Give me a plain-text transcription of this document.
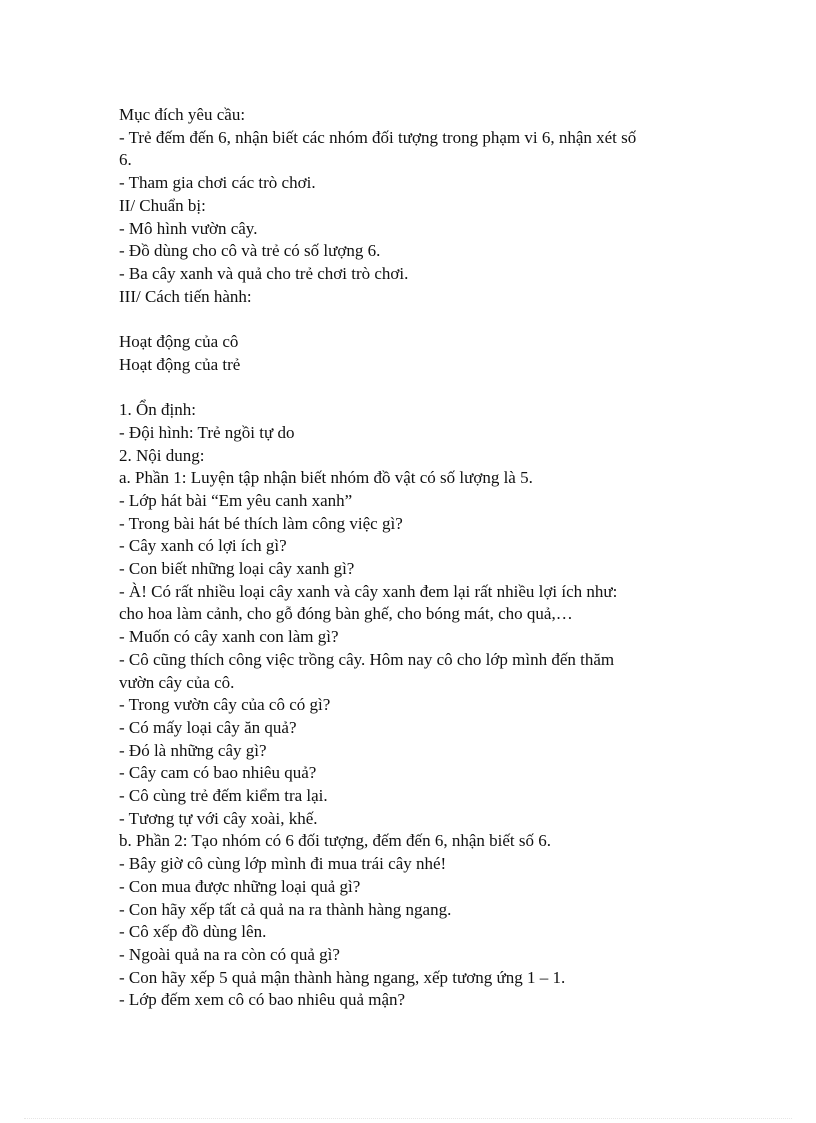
Mục đích yêu cầu:
- Trẻ đếm đến 6, nhận biết các nhóm đối tượng trong phạm vi 6, nhận xét số
6.
- Tham gia chơi các trò chơi.
II/ Chuẩn bị:
- Mô hình vườn cây.
- Đồ dùng cho cô và trẻ có số lượng 6.
- Ba cây xanh và quả cho trẻ chơi trò chơi.
III/ Cách tiến hành:
Hoạt động của cô
Hoạt động của trẻ
1. Ổn định:
- Đội hình: Trẻ ngồi tự do
2. Nội dung:
a. Phần 1: Luyện tập nhận biết nhóm đồ vật có số lượng là 5.
- Lớp hát bài “Em yêu canh xanh”
- Trong bài hát bé thích làm công việc gì?
- Cây xanh có lợi ích gì?
- Con biết những loại cây xanh gì?
- À! Có rất nhiều loại cây xanh và cây xanh đem lại rất nhiều lợi ích như:
cho hoa làm cảnh, cho gỗ đóng bàn ghế, cho bóng mát, cho quả,…
- Muốn có cây xanh con làm gì?
- Cô cũng thích công việc trồng cây. Hôm nay cô cho lớp mình đến thăm
vườn cây của cô.
- Trong vườn cây của cô có gì?
- Có mấy loại cây ăn quả?
- Đó là những cây gì?
- Cây cam có bao nhiêu quả?
- Cô cùng trẻ đếm kiểm tra lại.
- Tương tự với cây xoài, khế.
b. Phần 2: Tạo nhóm có 6 đối tượng, đếm đến 6, nhận biết số 6.
- Bây giờ cô cùng lớp mình đi mua trái cây nhé!
- Con mua được những loại quả gì?
- Con hãy xếp tất cả quả na ra thành hàng ngang.
- Cô xếp đồ dùng lên.
- Ngoài quả na ra còn có quả gì?
- Con hãy xếp 5 quả mận thành hàng ngang, xếp tương ứng 1 – 1.
- Lớp đếm xem cô có bao nhiêu quả mận?
